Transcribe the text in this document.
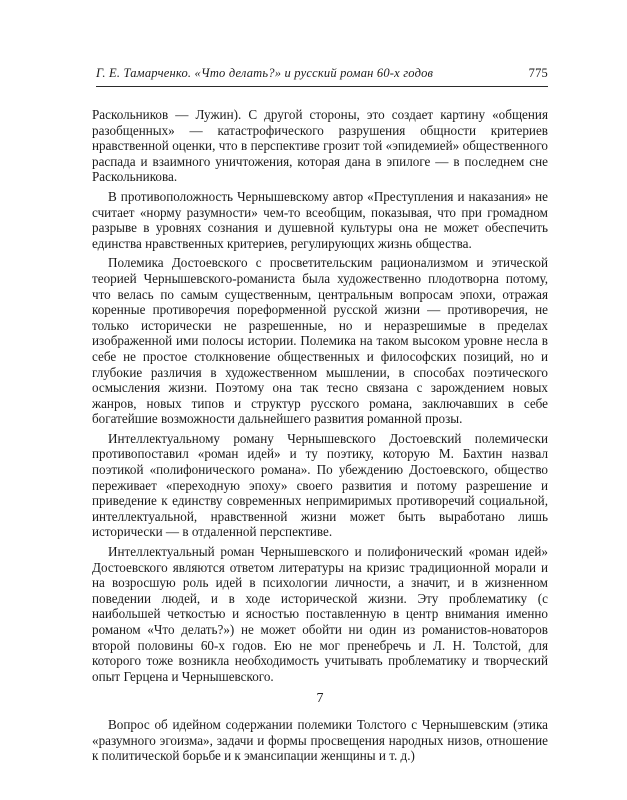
Г. Е. Тамарченко. «Что делать?» и русский роман 60-х годов	775

Раскольников — Лужин). С другой стороны, это создает картину «общения разобщенных» — катастрофического разрушения общности критериев нравственной оценки, что в перспективе грозит той «эпидемией» общественного распада и взаимного уничтожения, которая дана в эпилоге — в последнем сне Раскольникова.

В противоположность Чернышевскому автор «Преступления и наказания» не считает «норму разумности» чем-то всеобщим, показывая, что при громадном разрыве в уровнях сознания и душевной культуры она не может обеспечить единства нравственных критериев, регулирующих жизнь общества.

Полемика Достоевского с просветительским рационализмом и этической теорией Чернышевского-романиста была художественно плодотворна потому, что велась по самым существенным, центральным вопросам эпохи, отражая коренные противоречия пореформенной русской жизни — противоречия, не только исторически не разрешенные, но и неразрешимые в пределах изображенной ими полосы истории. Полемика на таком высоком уровне несла в себе не простое столкновение общественных и философских позиций, но и глубокие различия в художественном мышлении, в способах поэтического осмысления жизни. Поэтому она так тесно связана с зарождением новых жанров, новых типов и структур русского романа, заключавших в себе богатейшие возможности дальнейшего развития романной прозы.

Интеллектуальному роману Чернышевского Достоевский полемически противопоставил «роман идей» и ту поэтику, которую М. Бахтин назвал поэтикой «полифонического романа». По убеждению Достоевского, общество переживает «переходную эпоху» своего развития и потому разрешение и приведение к единству современных непримиримых противоречий социальной, интеллектуальной, нравственной жизни может быть выработано лишь исторически — в отдаленной перспективе.

Интеллектуальный роман Чернышевского и полифонический «роман идей» Достоевского являются ответом литературы на кризис традиционной морали и на возросшую роль идей в психологии личности, а значит, и в жизненном поведении людей, и в ходе исторической жизни. Эту проблематику (с наибольшей четкостью и ясностью поставленную в центр внимания именно романом «Что делать?») не может обойти ни один из романистов-новаторов второй половины 60-х годов. Ею не мог пренебречь и Л. Н. Толстой, для которого тоже возникла необходимость учитывать проблематику и творческий опыт Герцена и Чернышевского.

7

Вопрос об идейном содержании полемики Толстого с Чернышевским (этика «разумного эгоизма», задачи и формы просвещения народных низов, отношение к политической борьбе и к эмансипации женщины и т. д.)
